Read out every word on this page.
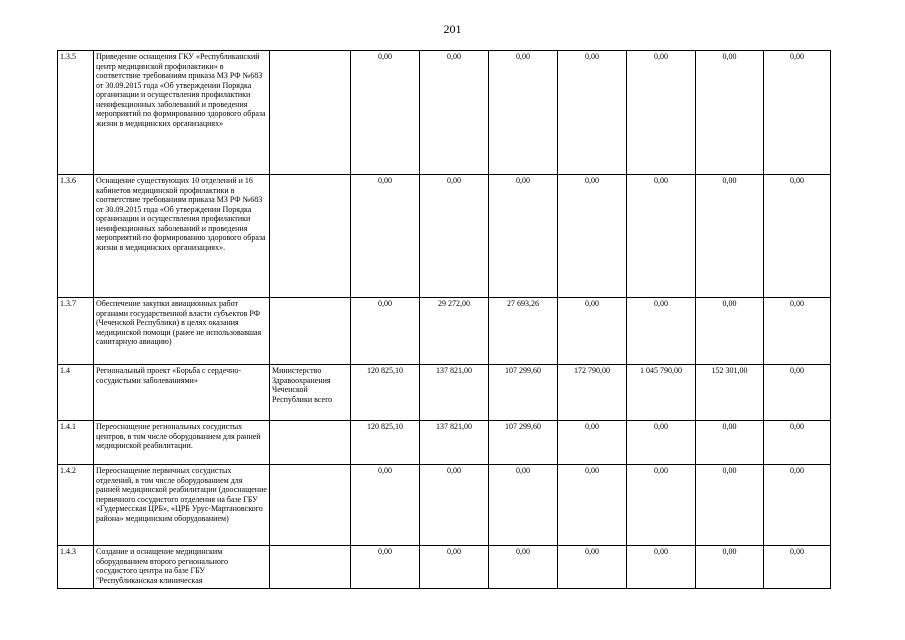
201
1.3.5	Приведение оснащения ГКУ «Республиканский центр медицинской профилактики» в соответствие требованиям приказа МЗ РФ №683 от 30.09.2015 года «Об утверждении Порядка организации и осуществления профилактики неинфекционных заболеваний и проведения мероприятий по формированию здорового образа жизни в медицинских организациях»		0,00	0,00	0,00	0,00	0,00	0,00	0,00
1.3.6	Оснащение существующих 10 отделений и 16 кабинетов медицинской профилактики в соответствие требованиям приказа МЗ РФ №683 от 30.09.2015 года «Об утверждении Порядка организации и осуществления профилактики неинфекционных заболеваний и проведения мероприятий по формированию здорового образа жизни в медицинских организациях».		0,00	0,00	0,00	0,00	0,00	0,00	0,00
1.3.7	Обеспечение закупки авиационных работ органами государственной власти субъектов РФ (Чеченской Республики) в целях оказания медицинской помощи (ранее не использовавшая санитарную авиацию)		0,00	29 272,00	27 693,26	0,00	0,00	0,00	0,00
1.4	Региональный проект «Борьба с сердечно-сосудистыми заболеваниями»	Министерство Здравоохранения Чеченской Республики всего	120 825,10	137 821,00	107 299,60	172 790,00	1 045 790,00	152 301,00	0,00
1.4.1	Переоснащение региональных сосудистых центров, в том числе оборудованием для ранней медицинской реабилитации.		120 825,10	137 821,00	107 299,60	0,00	0,00	0,00	0,00
1.4.2	Переоснащение первичных сосудистых отделений, в том числе оборудованием для ранней медицинской реабилитации (дооснащение первичного сосудистого отделения на базе ГБУ «Гудермесская ЦРБ», «ЦРБ Урус-Мартановского района» медицинским оборудованием)		0,00	0,00	0,00	0,00	0,00	0,00	0,00
1.4.3	Создание и оснащение медицинским оборудованием второго регионального сосудистого центра на базе ГБУ "Республиканская клиническая		0,00	0,00	0,00	0,00	0,00	0,00	0,00
